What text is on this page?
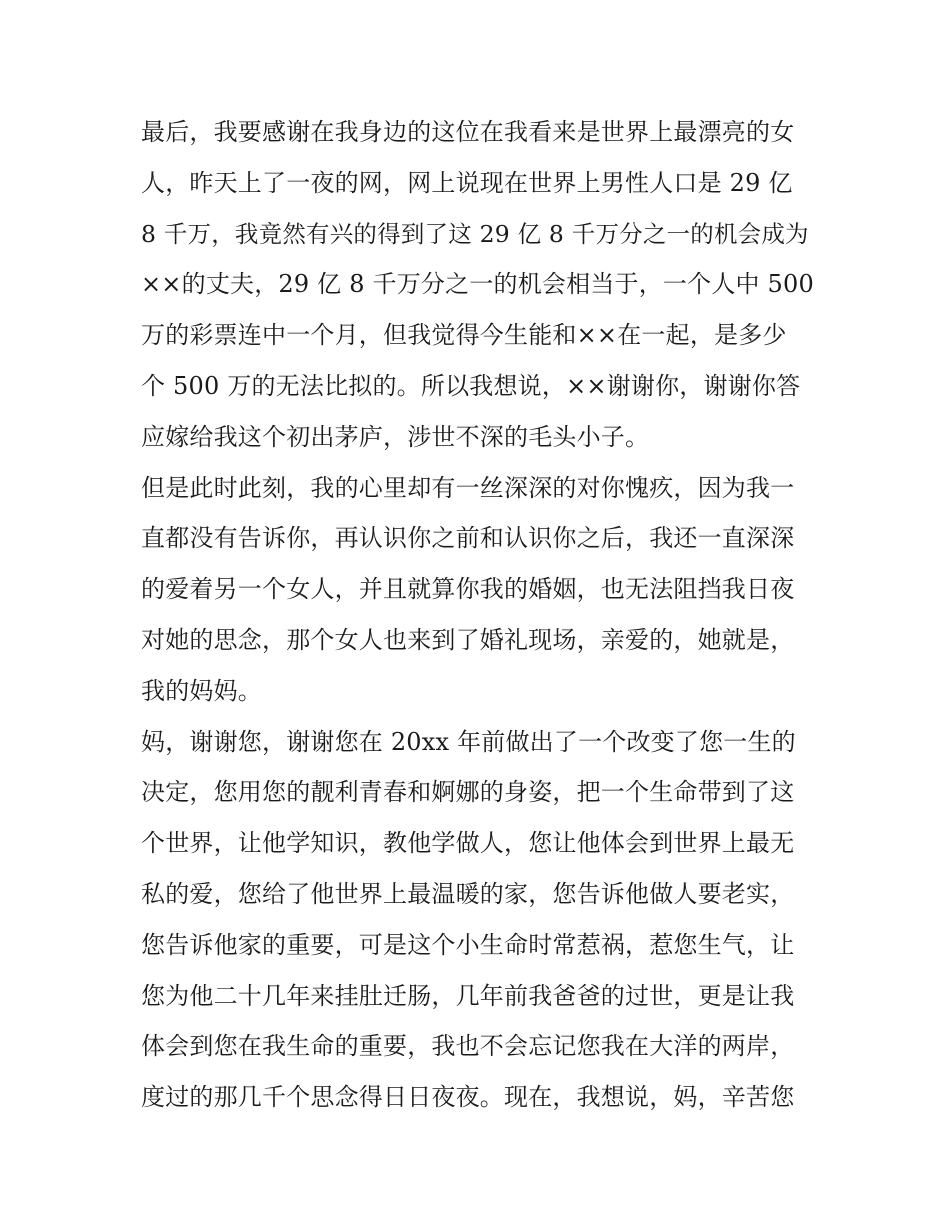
最后，我要感谢在我身边的这位在我看来是世界上最漂亮的女
人，昨天上了一夜的网，网上说现在世界上男性人口是 29 亿
8 千万，我竟然有兴的得到了这 29 亿 8 千万分之一的机会成为
××的丈夫，29 亿 8 千万分之一的机会相当于，一个人中 500
万的彩票连中一个月，但我觉得今生能和××在一起，是多少
个 500 万的无法比拟的。所以我想说，××谢谢你，谢谢你答
应嫁给我这个初出茅庐，涉世不深的毛头小子。
但是此时此刻，我的心里却有一丝深深的对你愧疚，因为我一
直都没有告诉你，再认识你之前和认识你之后，我还一直深深
的爱着另一个女人，并且就算你我的婚姻，也无法阻挡我日夜
对她的思念，那个女人也来到了婚礼现场，亲爱的，她就是，
我的妈妈。
妈，谢谢您，谢谢您在 20xx 年前做出了一个改变了您一生的
决定，您用您的靓利青春和婀娜的身姿，把一个生命带到了这
个世界，让他学知识，教他学做人，您让他体会到世界上最无
私的爱，您给了他世界上最温暖的家，您告诉他做人要老实，
您告诉他家的重要，可是这个小生命时常惹祸，惹您生气，让
您为他二十几年来挂肚迁肠，几年前我爸爸的过世，更是让我
体会到您在我生命的重要，我也不会忘记您我在大洋的两岸，
度过的那几千个思念得日日夜夜。现在，我想说，妈，辛苦您
